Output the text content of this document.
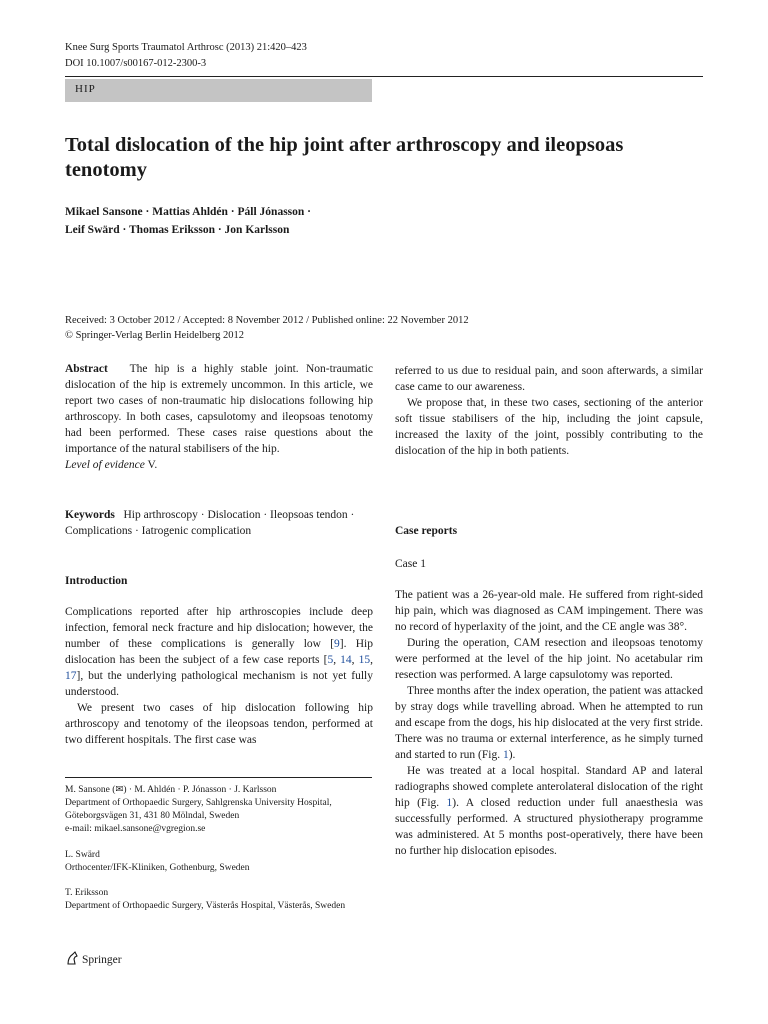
Knee Surg Sports Traumatol Arthrosc (2013) 21:420–423
DOI 10.1007/s00167-012-2300-3
HIP
Total dislocation of the hip joint after arthroscopy and ileopsoas tenotomy
Mikael Sansone · Mattias Ahldén · Páll Jónasson ·
Leif Swärd · Thomas Eriksson · Jon Karlsson
Received: 3 October 2012 / Accepted: 8 November 2012 / Published online: 22 November 2012
© Springer-Verlag Berlin Heidelberg 2012

Abstract The hip is a highly stable joint. Non-traumatic dislocation of the hip is extremely uncommon. In this article, we report two cases of non-traumatic hip dislocations following hip arthroscopy. In both cases, capsulotomy and ileopsoas tenotomy had been performed. These cases raise questions about the importance of the natural stabilisers of the hip.

Level of evidence V.

Keywords Hip arthroscopy · Dislocation · Ileopsoas tendon · Complications · Iatrogenic complication

Introduction

Complications reported after hip arthroscopies include deep infection, femoral neck fracture and hip dislocation; however, the number of these complications is generally low [9]. Hip dislocation has been the subject of a few case reports [5, 14, 15, 17], but the underlying pathological mechanism is not yet fully understood.

We present two cases of hip dislocation following hip arthroscopy and tenotomy of the ileopsoas tendon, performed at two different hospitals. The first case was

M. Sansone (✉) · M. Ahldén · P. Jónasson · J. Karlsson
Department of Orthopaedic Surgery, Sahlgrenska University Hospital, Göteborgsvägen 31, 431 80 Mölndal, Sweden
e-mail: mikael.sansone@vgregion.se
L. Swärd
Orthocenter/IFK-Kliniken, Gothenburg, Sweden
T. Eriksson
Department of Orthopaedic Surgery, Västerås Hospital, Västerås, Sweden

referred to us due to residual pain, and soon afterwards, a similar case came to our awareness.

We propose that, in these two cases, sectioning of the anterior soft tissue stabilisers of the hip, including the joint capsule, increased the laxity of the joint, possibly contributing to the dislocation of the hip in both patients.

Case reports
Case 1

The patient was a 26-year-old male. He suffered from right-sided hip pain, which was diagnosed as CAM impingement. There was no record of hyperlaxity of the joint, and the CE angle was 38°.

During the operation, CAM resection and ileopsoas tenotomy were performed at the level of the hip joint. No acetabular rim resection was performed. A large capsulotomy was reported.

Three months after the index operation, the patient was attacked by stray dogs while travelling abroad. When he attempted to run and escape from the dogs, his hip dislocated at the very first stride. There was no trauma or external interference, as he simply turned and started to run (Fig. 1).

He was treated at a local hospital. Standard AP and lateral radiographs showed complete anterolateral dislocation of the right hip (Fig. 1). A closed reduction under full anaesthesia was successfully performed. A structured physiotherapy programme was administered. At 5 months post-operatively, there have been no further hip dislocation episodes.

Springer
